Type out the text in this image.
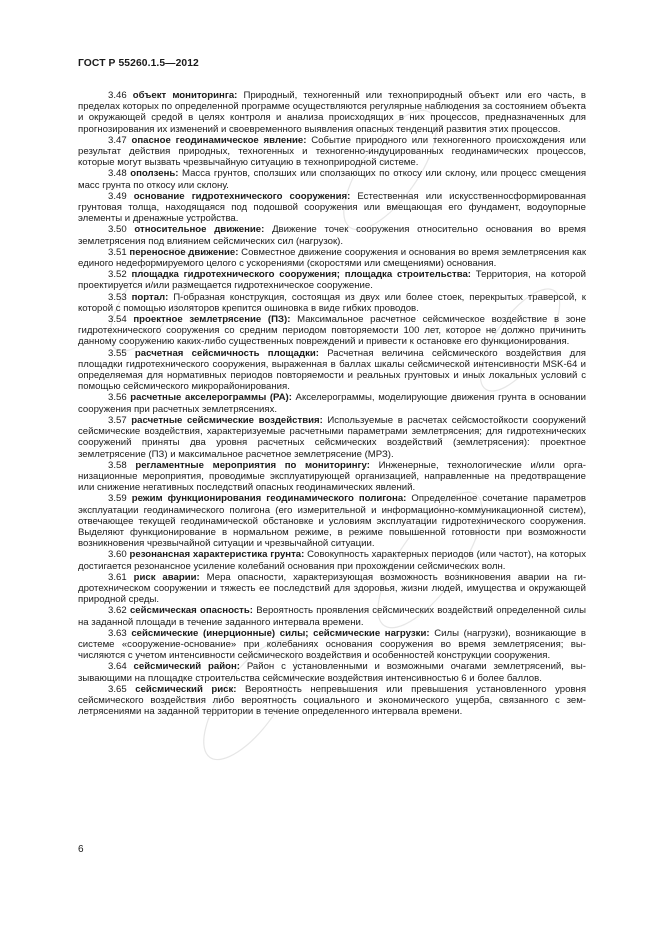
ГОСТ Р 55260.1.5—2012

3.46 объект мониторинга: Природный, техногенный или техноприродный объект или его часть, в пределах которых по определенной программе осуществляются регулярные наблюдения за состоянием объекта и окружающей средой в целях контроля и анализа происходящих в них процессов, предназначенных для прогнозирования их изменений и своевременного выявления опасных тенденций развития этих процессов.

3.47 опасное геодинамическое явление: Событие природного или техногенного происхождения или результат действия природных, техногенных и техногенно-индуцированных геодинамических процессов, которые могут вызвать чрезвычайную ситуацию в техноприродной системе.

3.48 оползень: Масса грунтов, сползших или сползающих по откосу или склону, или процесс смещения масс грунта по откосу или склону.

3.49 основание гидротехнического сооружения: Естественная или искусственносформированная грунтовая толща, находящаяся под подошвой сооружения или вмещающая его фундамент, водоупорные элементы и дренажные устройства.

3.50 относительное движение: Движение точек сооружения относительно основания во время землетрясения под влиянием сейсмических сил (нагрузок).

3.51 переносное движение: Совместное движение сооружения и основания во время землетрясения как единого недеформируемого целого с ускорениями (скоростями или смещениями) основания.

3.52 площадка гидротехнического сооружения; площадка строительства: Территория, на которой проектируется и/или размещается гидротехническое сооружение.

3.53 портал: П-образная конструкция, состоящая из двух или более стоек, перекрытых траверсой, к которой с помощью изоляторов крепится ошиновка в виде гибких проводов.

3.54 проектное землетрясение (ПЗ): Максимальное расчетное сейсмическое воздействие в зоне гидротехнического сооружения со средним периодом повторяемости 100 лет, которое не должно причинить данному сооружению каких-либо существенных повреждений и привести к остановке его функционирования.

3.55 расчетная сейсмичность площадки: Расчетная величина сейсмического воздействия для площадки гидротехнического сооружения, выраженная в баллах шкалы сейсмической интенсивности MSK-64 и определяемая для нормативных периодов повторяемости и реальных грунтовых и иных локальных условий с помощью сейсмического микрорайонирования.

3.56 расчетные акселерограммы (РА): Акселерограммы, моделирующие движения грунта в основании сооружения при расчетных землетрясениях.

3.57 расчетные сейсмические воздействия: Используемые в расчетах сейсмостойкости сооружений сейсмические воздействия, характеризуемые расчетными параметрами землетрясения; для гидротехнических сооружений приняты два уровня расчетных сейсмических воздействий (землетрясения): проектное землетрясение (ПЗ) и максимальное расчетное землетрясение (МРЗ).

3.58 регламентные мероприятия по мониторингу: Инженерные, технологические и/или организационные мероприятия, проводимые эксплуатирующей организацией, направленные на предотвращение или снижение негативных последствий опасных геодинамических явлений.

3.59 режим функционирования геодинамического полигона: Определенное сочетание параметров эксплуатации геодинамического полигона (его измерительной и информационно-коммуникационной систем), отвечающее текущей геодинамической обстановке и условиям эксплуатации гидротехнического сооружения. Выделяют функционирование в нормальном режиме, в режиме повышенной готовности при возможности возникновения чрезвычайной ситуации и чрезвычайной ситуации.

3.60 резонансная характеристика грунта: Совокупность характерных периодов (или частот), на которых достигается резонансное усиление колебаний основания при прохождении сейсмических волн.

3.61 риск аварии: Мера опасности, характеризующая возможность возникновения аварии на гидротехническом сооружении и тяжесть ее последствий для здоровья, жизни людей, имущества и окружающей природной среды.

3.62 сейсмическая опасность: Вероятность проявления сейсмических воздействий определенной силы на заданной площади в течение заданного интервала времени.

3.63 сейсмические (инерционные) силы; сейсмические нагрузки: Силы (нагрузки), возникающие в системе «сооружение-основание» при колебаниях основания сооружения во время землетрясения; вычисляются с учетом интенсивности сейсмического воздействия и особенностей конструкции сооружения.

3.64 сейсмический район: Район с установленными и возможными очагами землетрясений, вызывающими на площадке строительства сейсмические воздействия интенсивностью 6 и более баллов.

3.65 сейсмический риск: Вероятность непревышения или превышения установленного уровня сейсмического воздействия либо вероятность социального и экономического ущерба, связанного с землетрясениями на заданной территории в течение определенного интервала времени.

6
